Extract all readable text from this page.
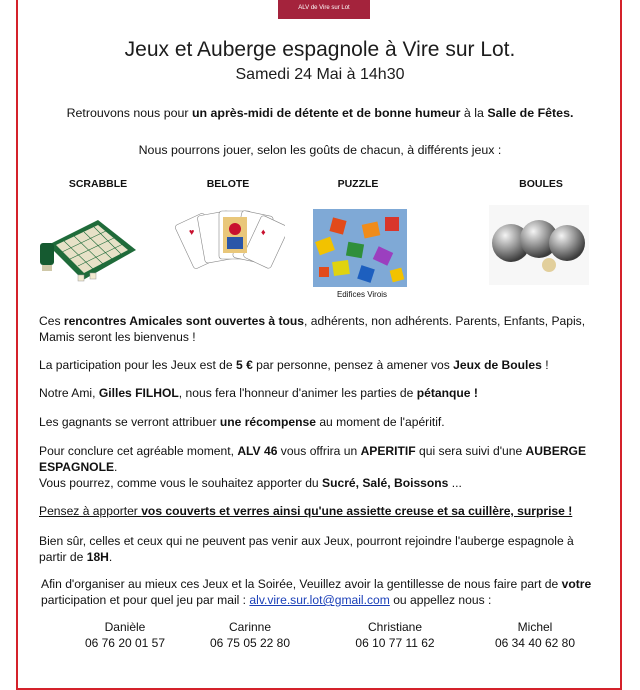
ALV de Vire sur Lot
Jeux et Auberge espagnole à Vire sur Lot.
Samedi 24 Mai à 14h30
Retrouvons nous pour un après-midi de détente et de bonne humeur à la Salle de Fêtes.
Nous pourrons jouer, selon les goûts de chacun, à différents jeux :
SCRABBLE	BELOTE	PUZZLE	BOULES
♥	♦
Edifices Virois
Ces rencontres Amicales sont ouvertes à tous, adhérents, non adhérents. Parents, Enfants, Papis, Mamis seront les bienvenus !
La participation pour les Jeux est de 5 € par personne, pensez à amener vos Jeux de Boules !
Notre Ami, Gilles FILHOL, nous fera l'honneur d'animer les parties de pétanque !
Les gagnants se verront attribuer une récompense au moment de l'apéritif.
Pour conclure cet agréable moment, ALV 46 vous offrira un APERITIF qui sera suivi d'une AUBERGE ESPAGNOLE.
Vous pourrez, comme vous le souhaitez apporter du Sucré, Salé, Boissons ...
Pensez à apporter vos couverts et verres ainsi qu'une assiette creuse et sa cuillère, surprise !
Bien sûr, celles et ceux qui ne peuvent pas venir aux Jeux, pourront rejoindre l'auberge espagnole à partir de 18H.
Afin d'organiser au mieux ces Jeux et la Soirée, Veuillez avoir la gentillesse de nous faire part de votre
participation et pour quel jeu par mail : alv.vire.sur.lot@gmail.com ou appellez nous :
Danièle
06 76 20 01 57
Carinne
06 75 05 22 80
Christiane
06 10 77 11 62
Michel
06 34 40 62 80
